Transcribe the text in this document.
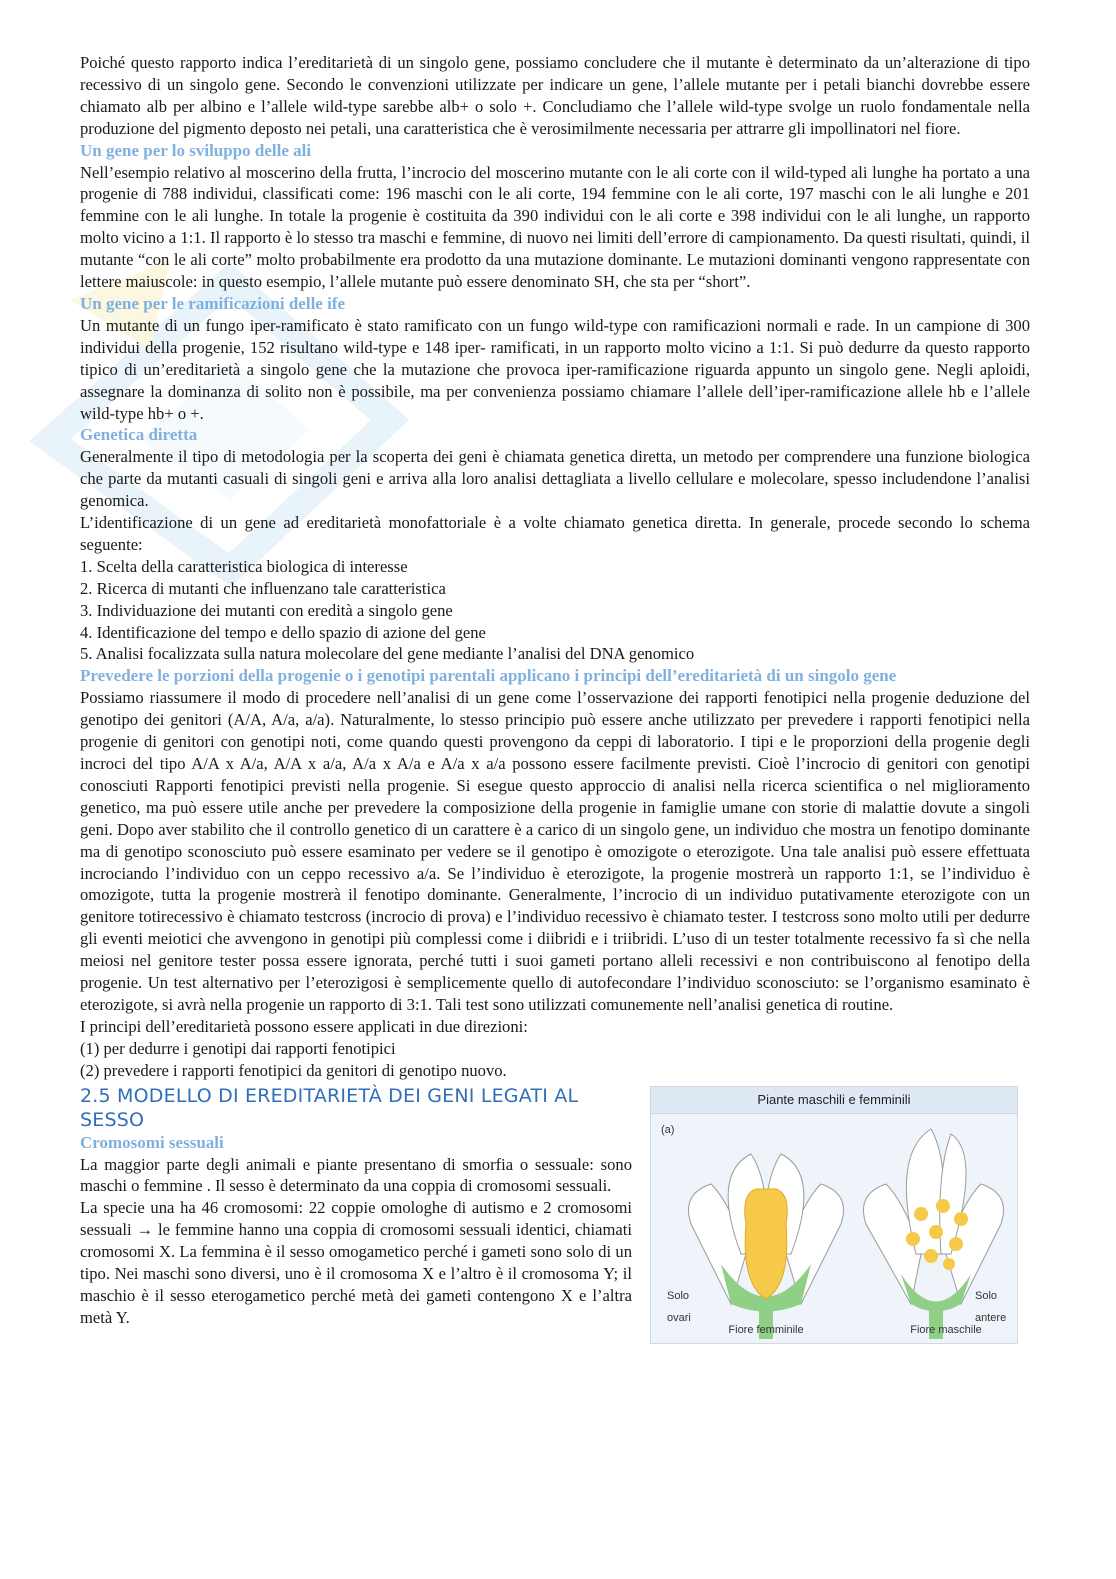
Poiché questo rapporto indica l’ereditarietà di un singolo gene, possiamo concludere che il mutante è determinato da un’alterazione di tipo recessivo di un singolo gene. Secondo le convenzioni utilizzate per indicare un gene, l’allele mutante per i petali bianchi dovrebbe essere chiamato alb per albino e l’allele wild-type sarebbe alb+ o solo +. Concludiamo che l’allele wild-type svolge un ruolo fondamentale nella produzione del pigmento deposto nei petali, una caratteristica che è verosimilmente necessaria per attrarre gli impollinatori nel fiore.

Un gene per lo sviluppo delle ali

Nell’esempio relativo al moscerino della frutta, l’incrocio del moscerino mutante con le ali corte con il wild-typed ali lunghe ha portato a una progenie di 788 individui, classificati come: 196 maschi con le ali corte, 194 femmine con le ali corte, 197 maschi con le ali lunghe e 201 femmine con le ali lunghe. In totale la progenie è costituita da 390 individui con le ali corte e 398 individui con le ali lunghe, un rapporto molto vicino a 1:1. Il rapporto è lo stesso tra maschi e femmine, di nuovo nei limiti dell’errore di campionamento. Da questi risultati, quindi, il mutante “con le ali corte” molto probabilmente era prodotto da una mutazione dominante. Le mutazioni dominanti vengono rappresentate con lettere maiuscole: in questo esempio, l’allele mutante può essere denominato SH, che sta per “short”.

Un gene per le ramificazioni delle ife

Un mutante di un fungo iper-ramificato è stato ramificato con un fungo wild-type con ramificazioni normali e rade. In un campione di 300 individui della progenie, 152 risultano wild-type e 148 iper- ramificati, in un rapporto molto vicino a 1:1. Si può dedurre da questo rapporto tipico di un’ereditarietà a singolo gene che la mutazione che provoca iper-ramificazione riguarda appunto un singolo gene. Negli aploidi, assegnare la dominanza di solito non è possibile, ma per convenienza possiamo chiamare l’allele dell’iper-ramificazione allele hb e l’allele wild-type hb+ o +.

Genetica diretta

Generalmente il tipo di metodologia per la scoperta dei geni è chiamata genetica diretta, un metodo per comprendere una funzione biologica che parte da mutanti casuali di singoli geni e arriva alla loro analisi dettagliata a livello cellulare e molecolare, spesso includendone l’analisi genomica.

L’identificazione di un gene ad ereditarietà monofattoriale è a volte chiamato genetica diretta. In generale, procede secondo lo schema seguente:

1. Scelta della caratteristica biologica di interesse
2. Ricerca di mutanti che influenzano tale caratteristica
3. Individuazione dei mutanti con eredità a singolo gene
4. Identificazione del tempo e dello spazio di azione del gene
5. Analisi focalizzata sulla natura molecolare del gene mediante l’analisi del DNA genomico
Prevedere le porzioni della progenie o i genotipi parentali applicano i principi dell’ereditarietà di un singolo gene

Possiamo riassumere il modo di procedere nell’analisi di un gene come l’osservazione dei rapporti fenotipici nella progenie deduzione del genotipo dei genitori (A/A, A/a, a/a). Naturalmente, lo stesso principio può essere anche utilizzato per prevedere i rapporti fenotipici nella progenie di genitori con genotipi noti, come quando questi provengono da ceppi di laboratorio. I tipi e le proporzioni della progenie degli incroci del tipo A/A x A/a, A/A x a/a, A/a x A/a e A/a x a/a possono essere facilmente previsti. Cioè l’incrocio di genitori con genotipi conosciuti Rapporti fenotipici previsti nella progenie. Si esegue questo approccio di analisi nella ricerca scientifica o nel miglioramento genetico, ma può essere utile anche per prevedere la composizione della progenie in famiglie umane con storie di malattie dovute a singoli geni. Dopo aver stabilito che il controllo genetico di un carattere è a carico di un singolo gene, un individuo che mostra un fenotipo dominante ma di genotipo sconosciuto può essere esaminato per vedere se il genotipo è omozigote o eterozigote. Una tale analisi può essere effettuata incrociando l’individuo con un ceppo recessivo a/a. Se l’individuo è eterozigote, la progenie mostrerà un rapporto 1:1, se l’individuo è omozigote, tutta la progenie mostrerà il fenotipo dominante. Generalmente, l’incrocio di un individuo putativamente eterozigote con un genitore totirecessivo è chiamato testcross (incrocio di prova) e l’individuo recessivo è chiamato tester. I testcross sono molto utili per dedurre gli eventi meiotici che avvengono in genotipi più complessi come i diibridi e i triibridi. L’uso di un tester totalmente recessivo fa sì che nella meiosi nel genitore tester possa essere ignorata, perché tutti i suoi gameti portano alleli recessivi e non contribuiscono al fenotipo della progenie. Un test alternativo per l’eterozigosi è semplicemente quello di autofecondare l’individuo sconosciuto: se l’organismo esaminato è eterozigote, si avrà nella progenie un rapporto di 3:1. Tali test sono utilizzati comunemente nell’analisi genetica di routine.

I principi dell’ereditarietà possono essere applicati in due direzioni:

(1) per dedurre i genotipi dai rapporti fenotipici
(2) prevedere i rapporti fenotipici da genitori di genotipo nuovo.
2.5 MODELLO DI EREDITARIETÀ DEI GENI LEGATI AL SESSO
Cromosomi sessuali

La maggior parte degli animali e piante presentano di smorfia o sessuale: sono maschi o femmine . Il sesso è determinato da una coppia di cromosomi sessuali.

La specie una ha 46 cromosomi: 22 coppie omologhe di autismo e 2 cromosomi sessuali → le femmine hanno una coppia di cromosomi sessuali identici, chiamati cromosomi X. La femmina è il sesso omogametico perché i gameti sono solo di un tipo. Nei maschi sono diversi, uno è il cromosoma X e l’altro è il cromosoma Y; il maschio è il sesso eterogametico perché metà dei gameti contengono X e l’altra metà Y.

Piante maschili e femminili
(a)
Solo
ovari
Solo
antere
Fiore femminile	Fiore maschile
